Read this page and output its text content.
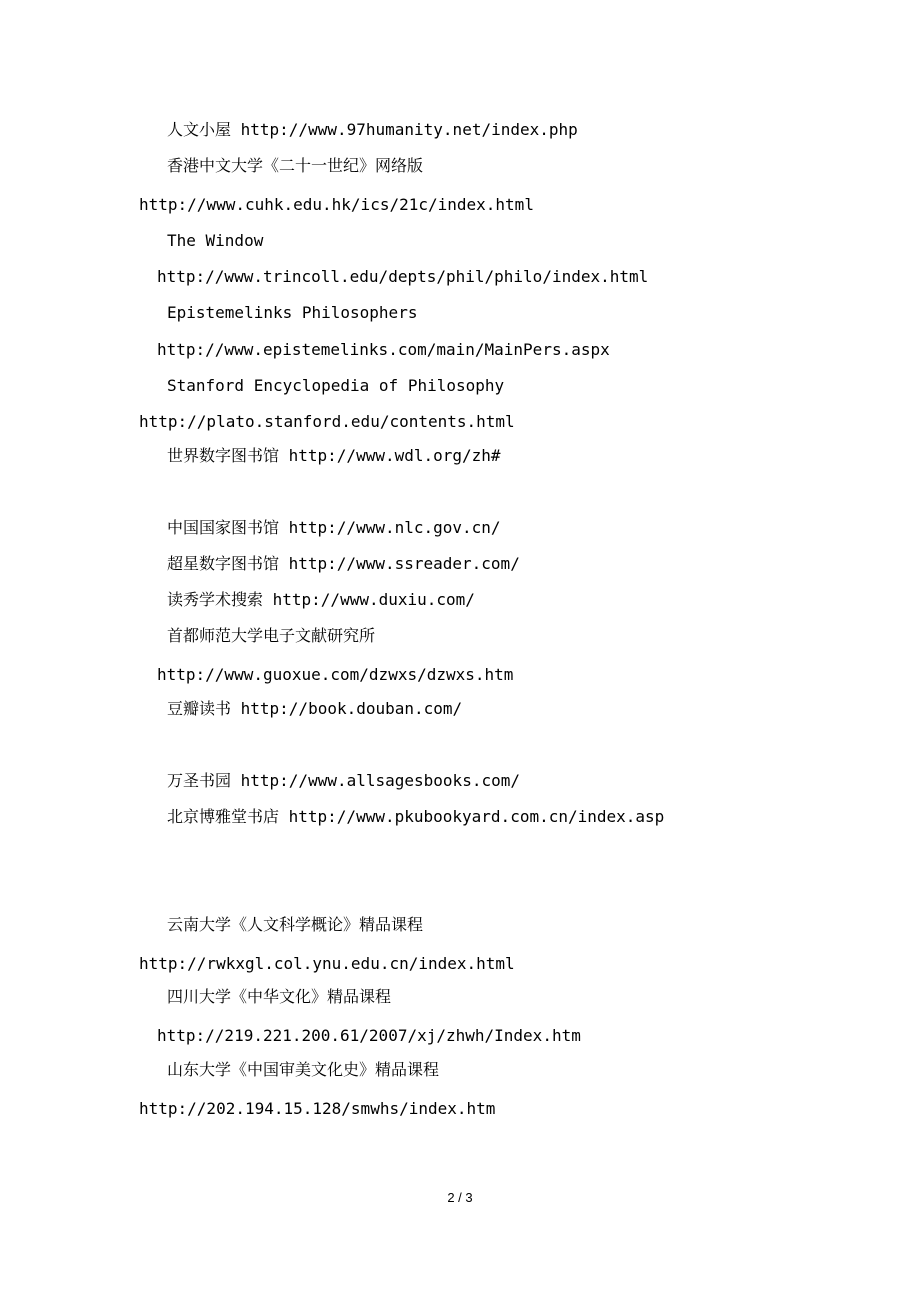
人文小屋 http://www.97humanity.net/index.php
香港中文大学《二十一世纪》网络版
http://www.cuhk.edu.hk/ics/21c/index.html
The Window
http://www.trincoll.edu/depts/phil/philo/index.html
Epistemelinks Philosophers
http://www.epistemelinks.com/main/MainPers.aspx
Stanford Encyclopedia of Philosophy
http://plato.stanford.edu/contents.html
世界数字图书馆 http://www.wdl.org/zh#
中国国家图书馆 http://www.nlc.gov.cn/
超星数字图书馆 http://www.ssreader.com/
读秀学术搜索 http://www.duxiu.com/
首都师范大学电子文献研究所
http://www.guoxue.com/dzwxs/dzwxs.htm
豆瓣读书 http://book.douban.com/
万圣书园 http://www.allsagesbooks.com/
北京博雅堂书店 http://www.pkubookyard.com.cn/index.asp
云南大学《人文科学概论》精品课程
http://rwkxgl.col.ynu.edu.cn/index.html
四川大学《中华文化》精品课程
http://219.221.200.61/2007/xj/zhwh/Index.htm
山东大学《中国审美文化史》精品课程
http://202.194.15.128/smwhs/index.htm
2 / 3
